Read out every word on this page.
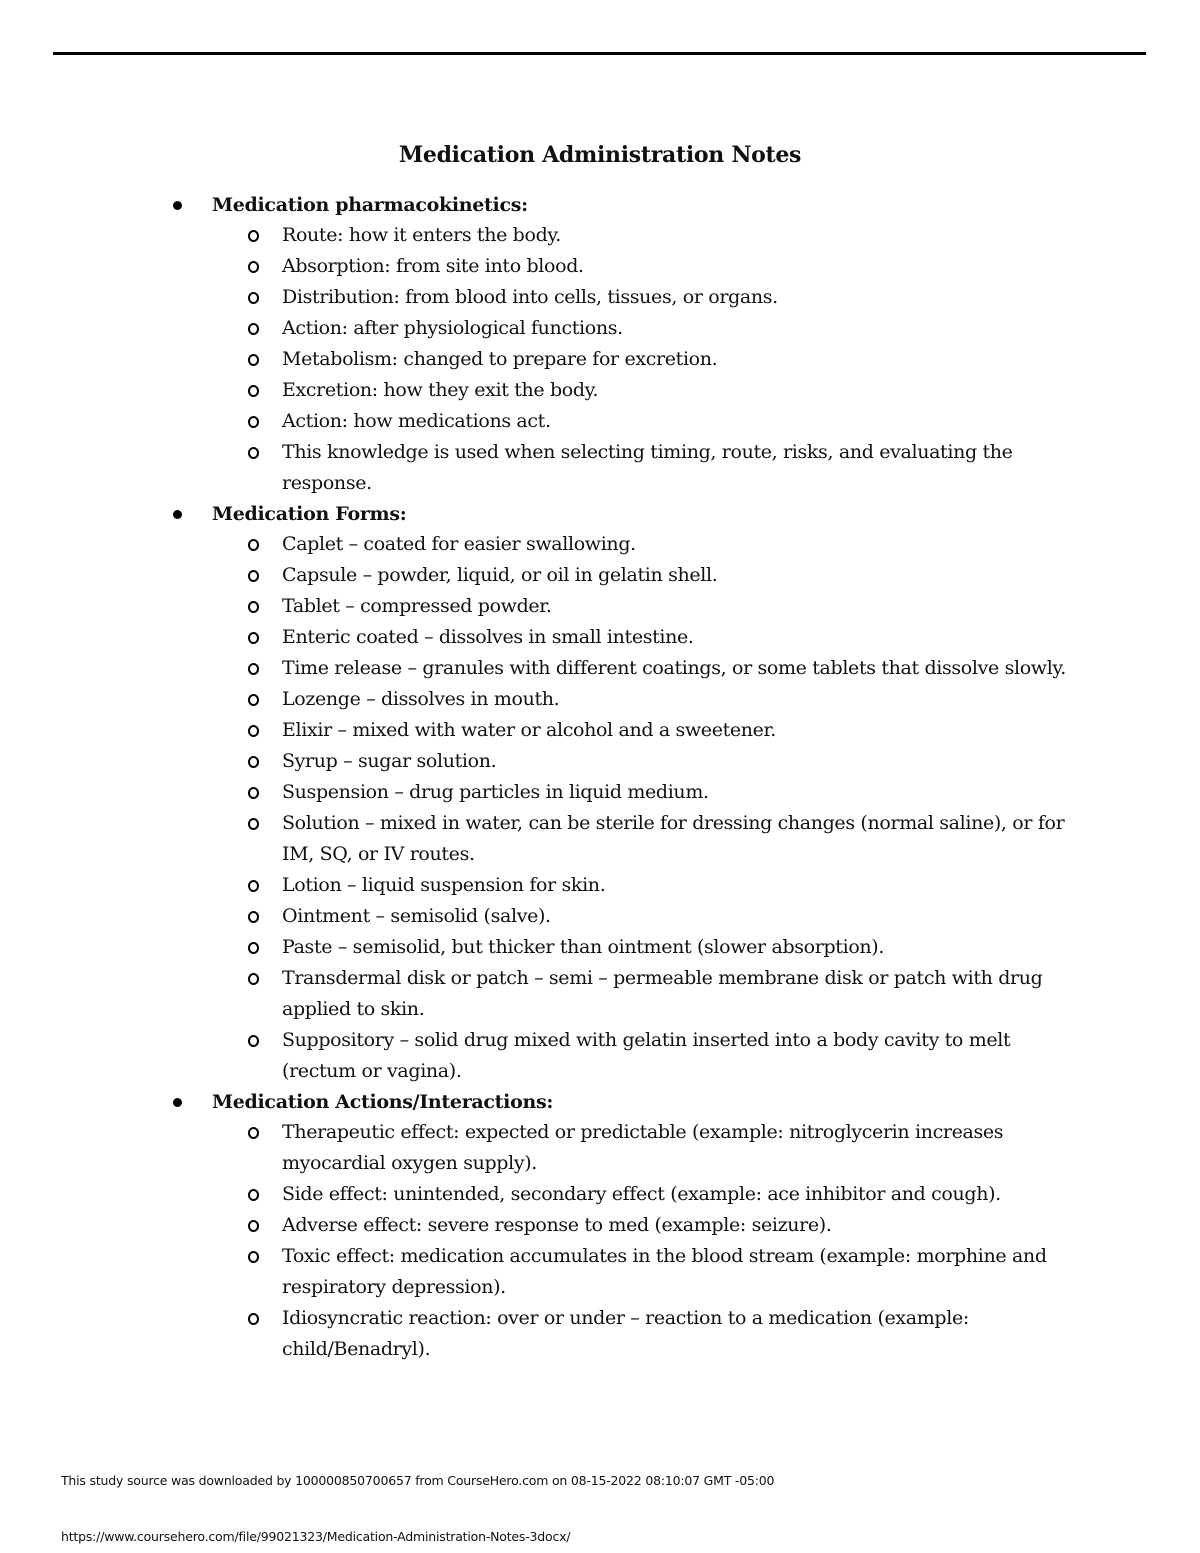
Medication Administration Notes
Medication pharmacokinetics:
Route: how it enters the body.
Absorption: from site into blood.
Distribution: from blood into cells, tissues, or organs.
Action: after physiological functions.
Metabolism: changed to prepare for excretion.
Excretion: how they exit the body.
Action: how medications act.
This knowledge is used when selecting timing, route, risks, and evaluating the response.
Medication Forms:
Caplet – coated for easier swallowing.
Capsule – powder, liquid, or oil in gelatin shell.
Tablet – compressed powder.
Enteric coated – dissolves in small intestine.
Time release – granules with different coatings, or some tablets that dissolve slowly.
Lozenge – dissolves in mouth.
Elixir – mixed with water or alcohol and a sweetener.
Syrup – sugar solution.
Suspension – drug particles in liquid medium.
Solution – mixed in water, can be sterile for dressing changes (normal saline), or for IM, SQ, or IV routes.
Lotion – liquid suspension for skin.
Ointment – semisolid (salve).
Paste – semisolid, but thicker than ointment (slower absorption).
Transdermal disk or patch – semi – permeable membrane disk or patch with drug applied to skin.
Suppository – solid drug mixed with gelatin inserted into a body cavity to melt (rectum or vagina).
Medication Actions/Interactions:
Therapeutic effect: expected or predictable (example: nitroglycerin increases myocardial oxygen supply).
Side effect: unintended, secondary effect (example: ace inhibitor and cough).
Adverse effect: severe response to med (example: seizure).
Toxic effect: medication accumulates in the blood stream (example: morphine and respiratory depression).
Idiosyncratic reaction: over or under – reaction to a medication (example: child/Benadryl).
This study source was downloaded by 100000850700657 from CourseHero.com on 08-15-2022 08:10:07 GMT -05:00
https://www.coursehero.com/file/99021323/Medication-Administration-Notes-3docx/
